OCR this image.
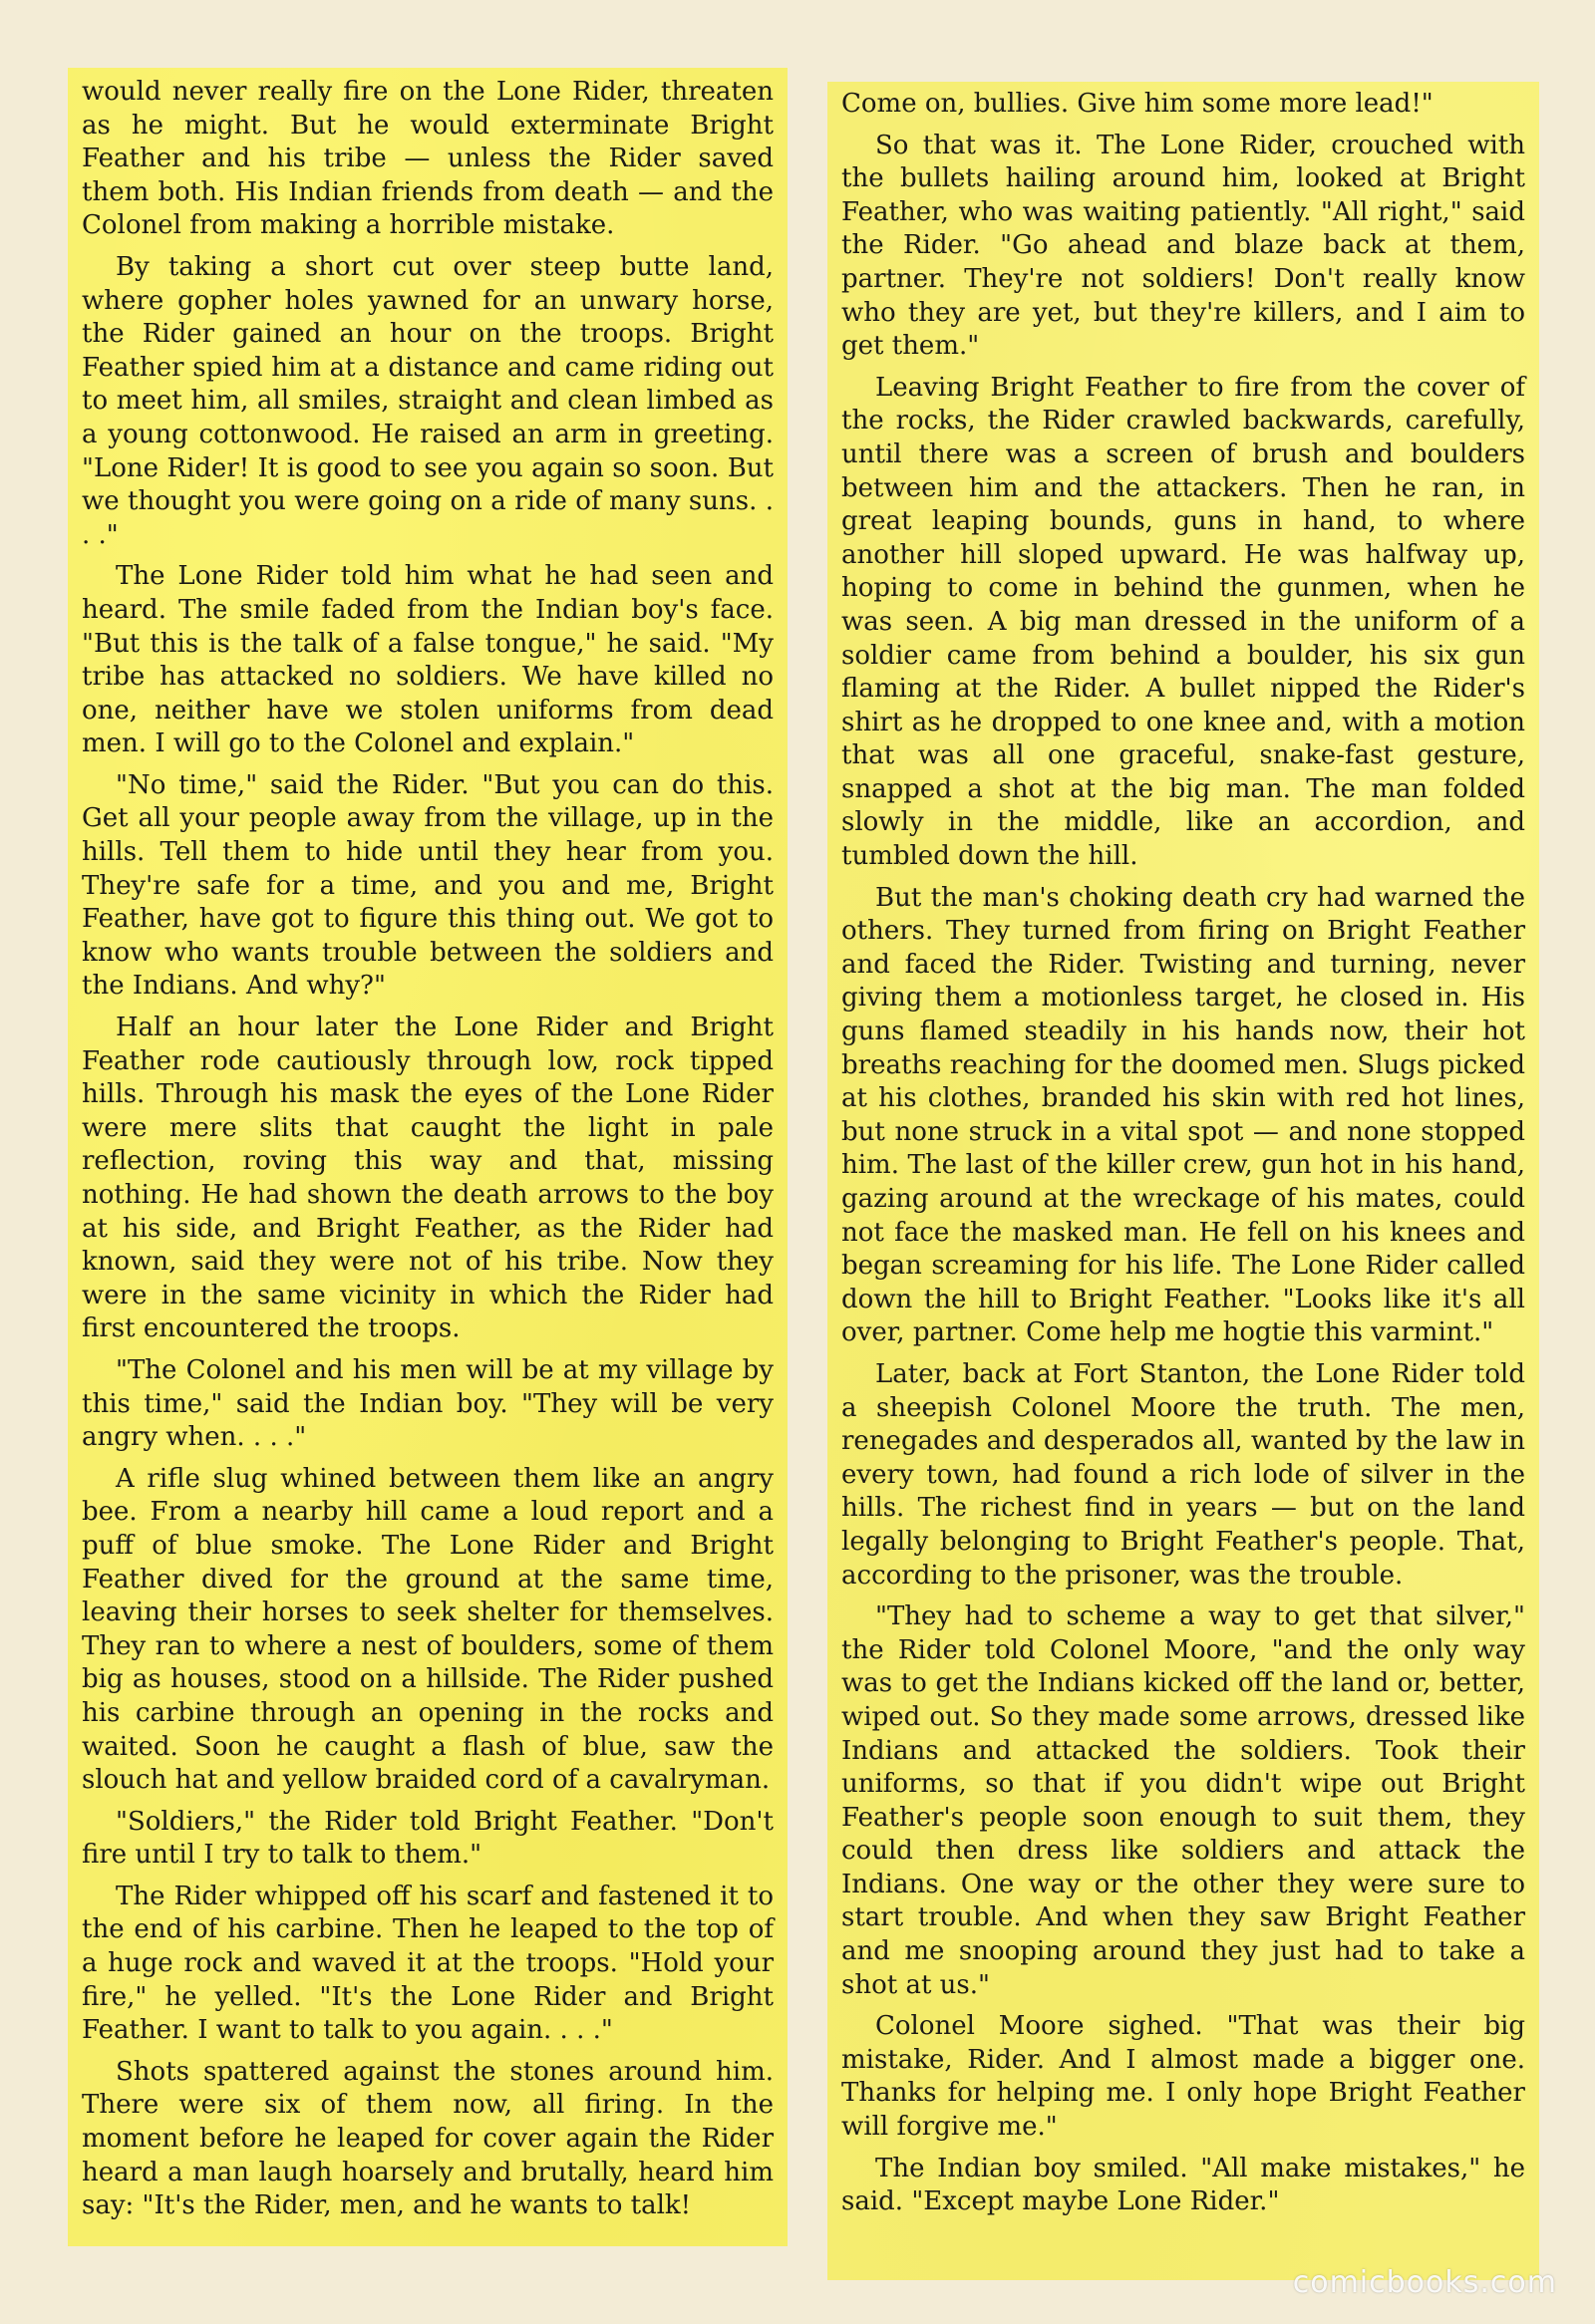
would never really fire on the Lone Rider, threaten as he might. But he would exterminate Bright Feather and his tribe — unless the Rider saved them both. His Indian friends from death — and the Colonel from making a horrible mistake.

By taking a short cut over steep butte land, where gopher holes yawned for an unwary horse, the Rider gained an hour on the troops. Bright Feather spied him at a distance and came riding out to meet him, all smiles, straight and clean limbed as a young cottonwood. He raised an arm in greeting. "Lone Rider! It is good to see you again so soon. But we thought you were going on a ride of many suns. . . ."

The Lone Rider told him what he had seen and heard. The smile faded from the Indian boy's face. "But this is the talk of a false tongue," he said. "My tribe has attacked no soldiers. We have killed no one, neither have we stolen uniforms from dead men. I will go to the Colonel and explain."

"No time," said the Rider. "But you can do this. Get all your people away from the village, up in the hills. Tell them to hide until they hear from you. They're safe for a time, and you and me, Bright Feather, have got to figure this thing out. We got to know who wants trouble between the soldiers and the Indians. And why?"

Half an hour later the Lone Rider and Bright Feather rode cautiously through low, rock tipped hills. Through his mask the eyes of the Lone Rider were mere slits that caught the light in pale reflection, roving this way and that, missing nothing. He had shown the death arrows to the boy at his side, and Bright Feather, as the Rider had known, said they were not of his tribe. Now they were in the same vicinity in which the Rider had first encountered the troops.

"The Colonel and his men will be at my village by this time," said the Indian boy. "They will be very angry when. . . ."

A rifle slug whined between them like an angry bee. From a nearby hill came a loud report and a puff of blue smoke. The Lone Rider and Bright Feather dived for the ground at the same time, leaving their horses to seek shelter for themselves. They ran to where a nest of boulders, some of them big as houses, stood on a hillside. The Rider pushed his carbine through an opening in the rocks and waited. Soon he caught a flash of blue, saw the slouch hat and yellow braided cord of a cavalryman.

"Soldiers," the Rider told Bright Feather. "Don't fire until I try to talk to them."

The Rider whipped off his scarf and fastened it to the end of his carbine. Then he leaped to the top of a huge rock and waved it at the troops. "Hold your fire," he yelled. "It's the Lone Rider and Bright Feather. I want to talk to you again. . . ."

Shots spattered against the stones around him. There were six of them now, all firing. In the moment before he leaped for cover again the Rider heard a man laugh hoarsely and brutally, heard him say: "It's the Rider, men, and he wants to talk!

Come on, bullies. Give him some more lead!"

So that was it. The Lone Rider, crouched with the bullets hailing around him, looked at Bright Feather, who was waiting patiently. "All right," said the Rider. "Go ahead and blaze back at them, partner. They're not soldiers! Don't really know who they are yet, but they're killers, and I aim to get them."

Leaving Bright Feather to fire from the cover of the rocks, the Rider crawled backwards, carefully, until there was a screen of brush and boulders between him and the attackers. Then he ran, in great leaping bounds, guns in hand, to where another hill sloped upward. He was halfway up, hoping to come in behind the gunmen, when he was seen. A big man dressed in the uniform of a soldier came from behind a boulder, his six gun flaming at the Rider. A bullet nipped the Rider's shirt as he dropped to one knee and, with a motion that was all one graceful, snake-fast gesture, snapped a shot at the big man. The man folded slowly in the middle, like an accordion, and tumbled down the hill.

But the man's choking death cry had warned the others. They turned from firing on Bright Feather and faced the Rider. Twisting and turning, never giving them a motionless target, he closed in. His guns flamed steadily in his hands now, their hot breaths reaching for the doomed men. Slugs picked at his clothes, branded his skin with red hot lines, but none struck in a vital spot — and none stopped him. The last of the killer crew, gun hot in his hand, gazing around at the wreckage of his mates, could not face the masked man. He fell on his knees and began screaming for his life. The Lone Rider called down the hill to Bright Feather. "Looks like it's all over, partner. Come help me hogtie this varmint."

Later, back at Fort Stanton, the Lone Rider told a sheepish Colonel Moore the truth. The men, renegades and desperados all, wanted by the law in every town, had found a rich lode of silver in the hills. The richest find in years — but on the land legally belonging to Bright Feather's people. That, according to the prisoner, was the trouble.

"They had to scheme a way to get that silver," the Rider told Colonel Moore, "and the only way was to get the Indians kicked off the land or, better, wiped out. So they made some arrows, dressed like Indians and attacked the soldiers. Took their uniforms, so that if you didn't wipe out Bright Feather's people soon enough to suit them, they could then dress like soldiers and attack the Indians. One way or the other they were sure to start trouble. And when they saw Bright Feather and me snooping around they just had to take a shot at us."

Colonel Moore sighed. "That was their big mistake, Rider. And I almost made a bigger one. Thanks for helping me. I only hope Bright Feather will forgive me."

The Indian boy smiled. "All make mistakes," he said. "Except maybe Lone Rider."

comicbooks.com
